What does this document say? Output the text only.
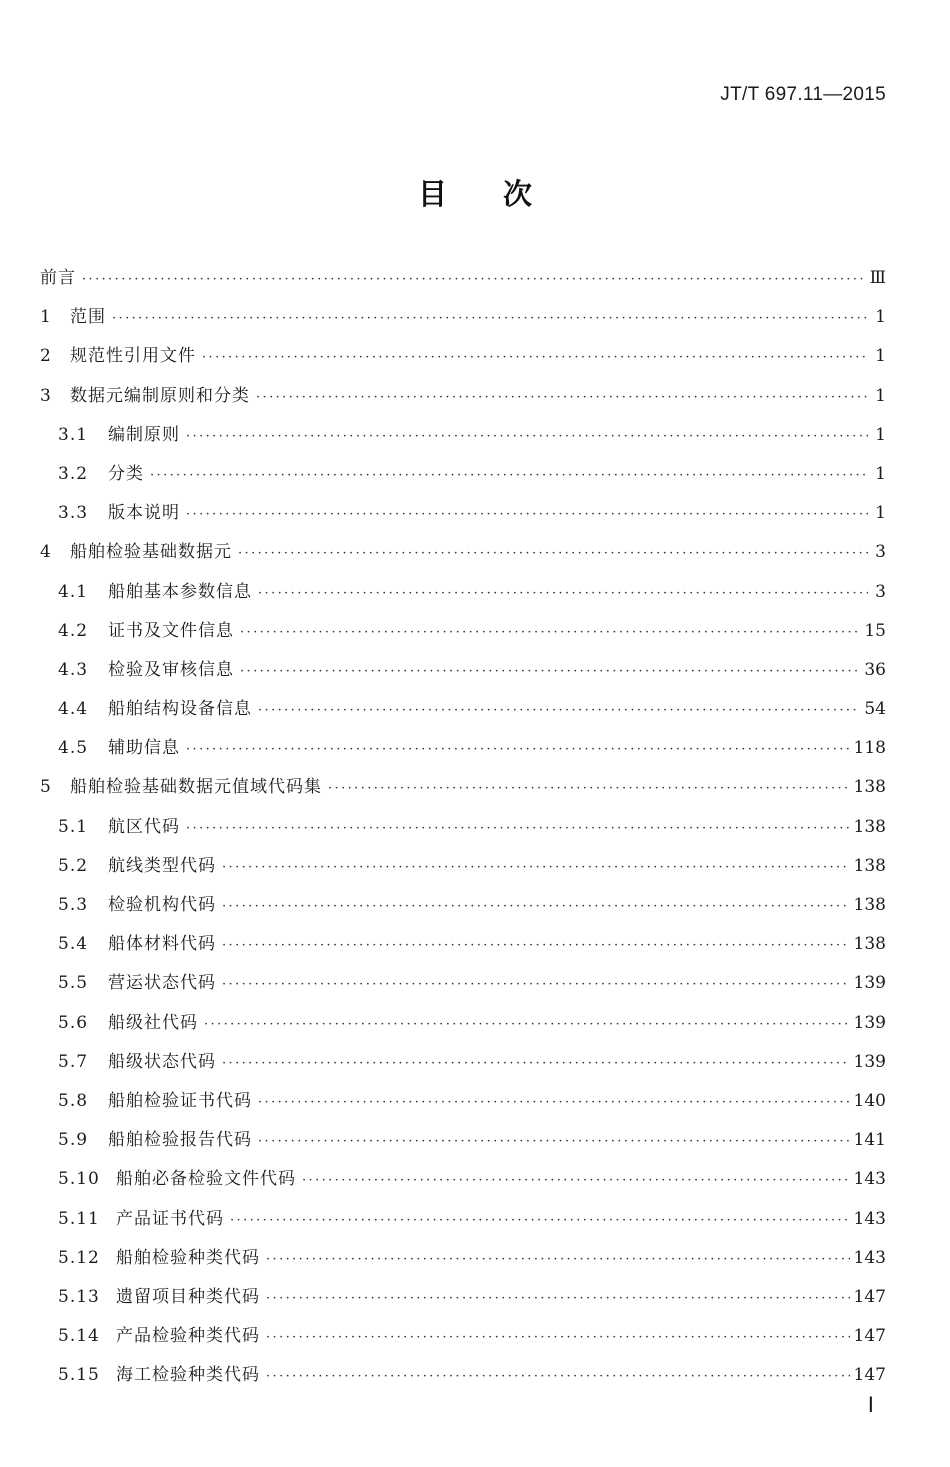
JT/T 697.11—2015
目 次
前言 ·····	Ⅲ
1	范围 ·····	1
2	规范性引用文件 ·····	1
3	数据元编制原则和分类 ·····	1
3.1	编制原则 ·····	1
3.2	分类 ·····	1
3.3	版本说明 ·····	1
4	船舶检验基础数据元 ·····	3
4.1	船舶基本参数信息 ·····	3
4.2	证书及文件信息 ·····	15
4.3	检验及审核信息 ·····	36
4.4	船舶结构设备信息 ·····	54
4.5	辅助信息 ·····	118
5	船舶检验基础数据元值域代码集 ·····	138
5.1	航区代码 ·····	138
5.2	航线类型代码 ·····	138
5.3	检验机构代码 ·····	138
5.4	船体材料代码 ·····	138
5.5	营运状态代码 ·····	139
5.6	船级社代码 ·····	139
5.7	船级状态代码 ·····	139
5.8	船舶检验证书代码 ·····	140
5.9	船舶检验报告代码 ·····	141
5.10 船舶必备检验文件代码 ·····	143
5.11 产品证书代码 ·····	143
5.12 船舶检验种类代码 ·····	143
5.13 遗留项目种类代码 ·····	147
5.14 产品检验种类代码 ·····	147
5.15 海工检验种类代码 ·····	147
Ⅰ
